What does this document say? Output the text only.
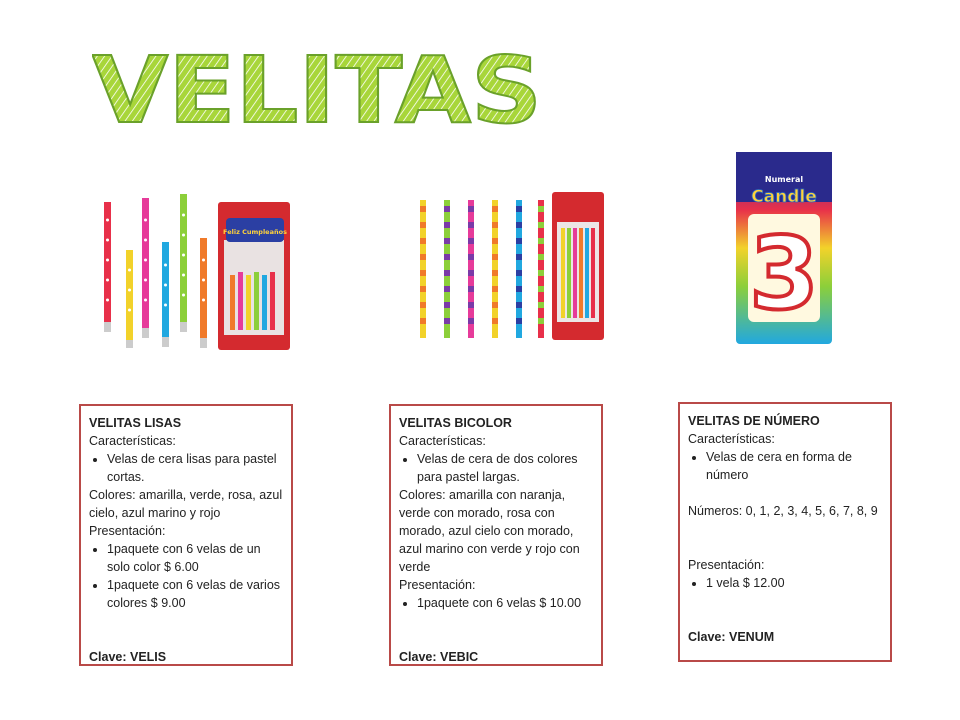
VELITAS
Feliz Cumpleaños
Numeral
Candle
3
VELITAS LISAS
Características:
• Velas de cera lisas para pastel cortas.
Colores: amarilla, verde, rosa, azul cielo, azul marino y rojo
Presentación:
• 1paquete con 6 velas de un solo color $ 6.00
• 1paquete con 6 velas de varios colores $ 9.00
Clave: VELIS
VELITAS BICOLOR
Características:
• Velas de cera de dos colores para pastel largas.
Colores: amarilla con naranja, verde con morado, rosa con morado, azul cielo con morado, azul marino con verde y rojo con verde
Presentación:
• 1paquete con 6 velas $ 10.00
Clave: VEBIC
VELITAS DE NÚMERO
Características:
• Velas de cera en forma de número
Números: 0, 1, 2, 3, 4, 5, 6, 7, 8, 9
Presentación:
• 1 vela $ 12.00
Clave: VENUM
